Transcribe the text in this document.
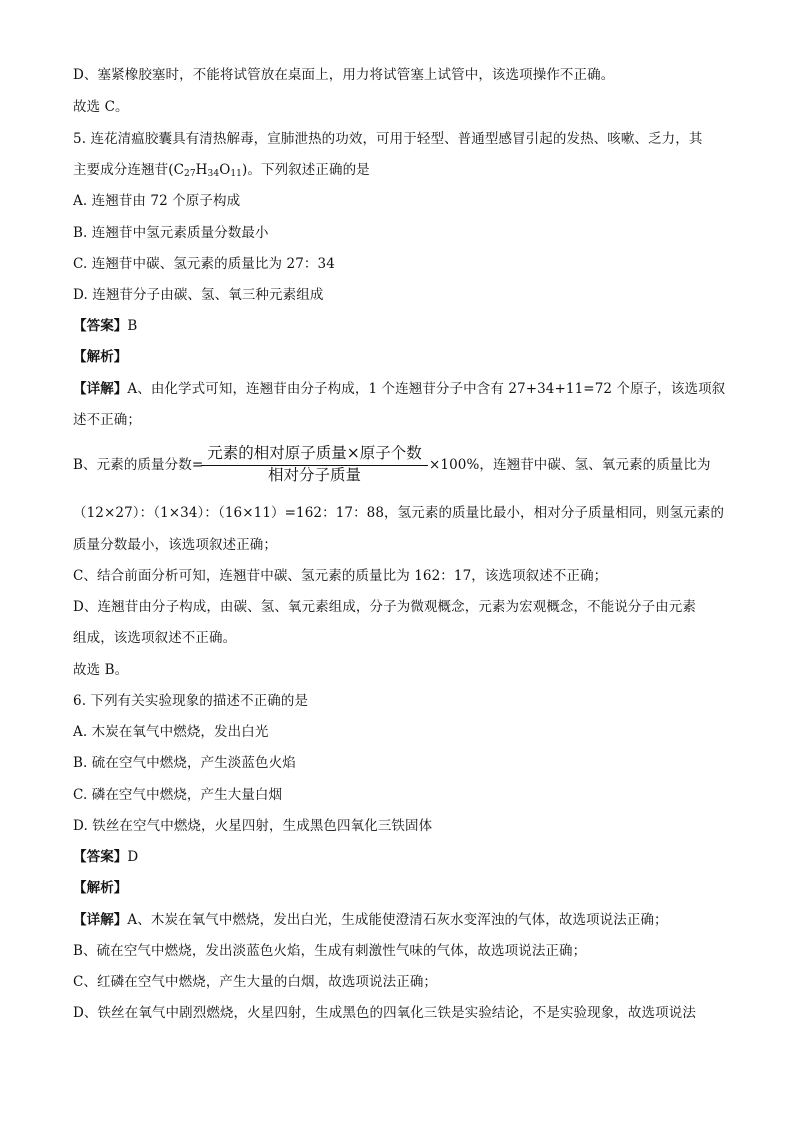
D、塞紧橡胶塞时，不能将试管放在桌面上，用力将试管塞上试管中，该选项操作不正确。
故选 C。
5. 连花清瘟胶囊具有清热解毒，宣肺泄热的功效，可用于轻型、普通型感冒引起的发热、咳嗽、乏力，其
主要成分连翘苷$(C_{27}H_{34}O_{11})$。下列叙述正确的是
A. 连翘苷由 72 个原子构成
B. 连翘苷中氢元素质量分数最小
C. 连翘苷中碳、氢元素的质量比为 27：34
D. 连翘苷分子由碳、氢、氧三种元素组成
【答案】B
【解析】
【详解】A、由化学式可知，连翘苷由分子构成，1 个连翘苷分子中含有 27+34+11=72 个原子，该选项叙
述不正确；
B、元素的质量分数=
元素的相对原子质量×原子个数
相对分子质量
×100%，连翘苷中碳、氢、氧元素的质量比为
（12×27）：（1×34）：（16×11）=162：17：88，氢元素的质量比最小，相对分子质量相同，则氢元素的
质量分数最小，该选项叙述正确；
C、结合前面分析可知，连翘苷中碳、氢元素的质量比为 162：17，该选项叙述不正确；
D、连翘苷由分子构成，由碳、氢、氧元素组成，分子为微观概念，元素为宏观概念，不能说分子由元素
组成，该选项叙述不正确。
故选 B。
6. 下列有关实验现象的描述不正确的是
A. 木炭在氧气中燃烧，发出白光
B. 硫在空气中燃烧，产生淡蓝色火焰
C. 磷在空气中燃烧，产生大量白烟
D. 铁丝在空气中燃烧，火星四射，生成黑色四氧化三铁固体
【答案】D
【解析】
【详解】A、木炭在氧气中燃烧，发出白光，生成能使澄清石灰水变浑浊的气体，故选项说法正确；
B、硫在空气中燃烧，发出淡蓝色火焰，生成有刺激性气味的气体，故选项说法正确；
C、红磷在空气中燃烧，产生大量的白烟，故选项说法正确；
D、铁丝在氧气中剧烈燃烧，火星四射，生成黑色的四氧化三铁是实验结论，不是实验现象，故选项说法
